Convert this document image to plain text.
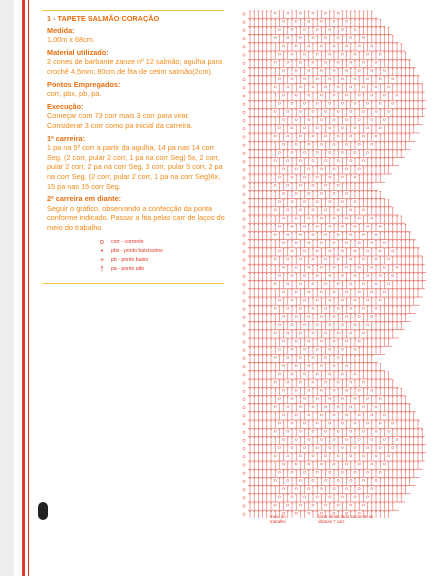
1 - TAPETE SALMÃO CORAÇÃO

Medida:

1,00m x 68cm.

Material utilizado:

2 cones de barbante zanze nº 12 salmão; agulha para crochê 4,5mm; 80cm de fita de cetim salmão(2cm).

Pontos Empregados:

corr, pbx, pb, pa.

Execução:

Começar com 73 corr mais 3 corr para virar. Considerar 3 corr como pa inicial da carreira.

1ª carreira:

1 pa na 5ª corr a partir da agulha, 14 pa nas 14 corr Seg. (2 corr, pular 2 corr, 1 pa na corr Seg) 5x, 2 corr, pular 2 corr, 2 pa na corr Seg, 3 corr, pular 5 corr, 2 pa na corr Seg, (2 corr, pular 2 corr, 1 pa na corr Seg)6x, 15 pa nas 15 corr Seg.

2ª carreira em diante:

Seguir o gráfico, observando a confecção da ponta conforme indicado. Passar a fita pelas carr de laços do meio do trabalho.

o	corr - corrente
•	pbx - ponto baixíssimo
+	pb - ponto baixo
†	pa - ponto alto
meio do trabalho
fazer deste lado somente as últimas 7 carr.
